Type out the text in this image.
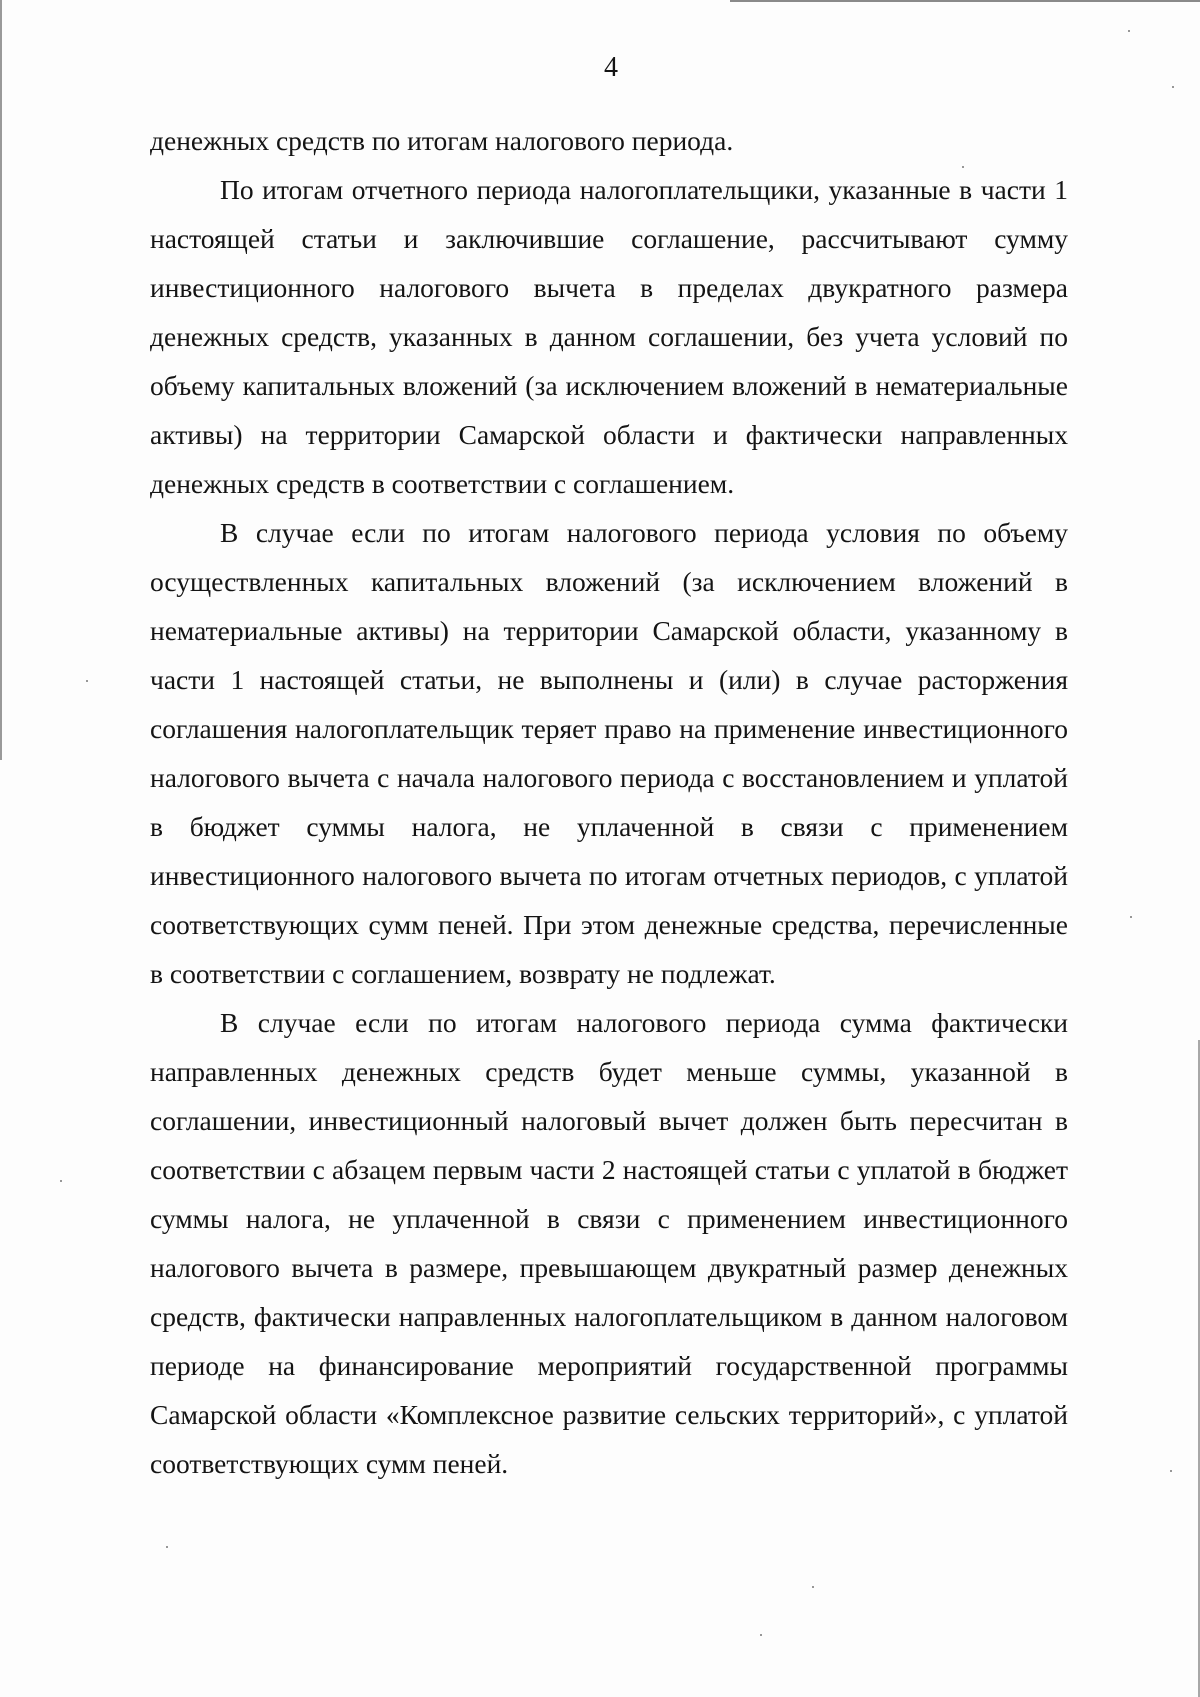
4

денежных средств по итогам налогового периода.

По итогам отчетного периода налогоплательщики, указанные в части 1 настоящей статьи и заключившие соглашение, рассчитывают сумму инвестиционного налогового вычета в пределах двукратного размера денежных средств, указанных в данном соглашении, без учета условий по объему капитальных вложений (за исключением вложений в нематериальные активы) на территории Самарской области и фактически направленных денежных средств в соответствии с соглашением.

В случае если по итогам налогового периода условия по объему осуществленных капитальных вложений (за исключением вложений в нематериальные активы) на территории Самарской области, указанному в части 1 настоящей статьи, не выполнены и (или) в случае расторжения соглашения налогоплательщик теряет право на применение инвестиционного налогового вычета с начала налогового периода с восстановлением и уплатой в бюджет суммы налога, не уплаченной в связи с применением инвестиционного налогового вычета по итогам отчетных периодов, с уплатой соответствующих сумм пеней. При этом денежные средства, перечисленные в соответствии с соглашением, возврату не подлежат.

В случае если по итогам налогового периода сумма фактически направленных денежных средств будет меньше суммы, указанной в соглашении, инвестиционный налоговый вычет должен быть пересчитан в соответствии с абзацем первым части 2 настоящей статьи с уплатой в бюджет суммы налога, не уплаченной в связи с применением инвестиционного налогового вычета в размере, превышающем двукратный размер денежных средств, фактически направленных налогоплательщиком в данном налоговом периоде на финансирование мероприятий государственной программы Самарской области «Комплексное развитие сельских территорий», с уплатой соответствующих сумм пеней.
